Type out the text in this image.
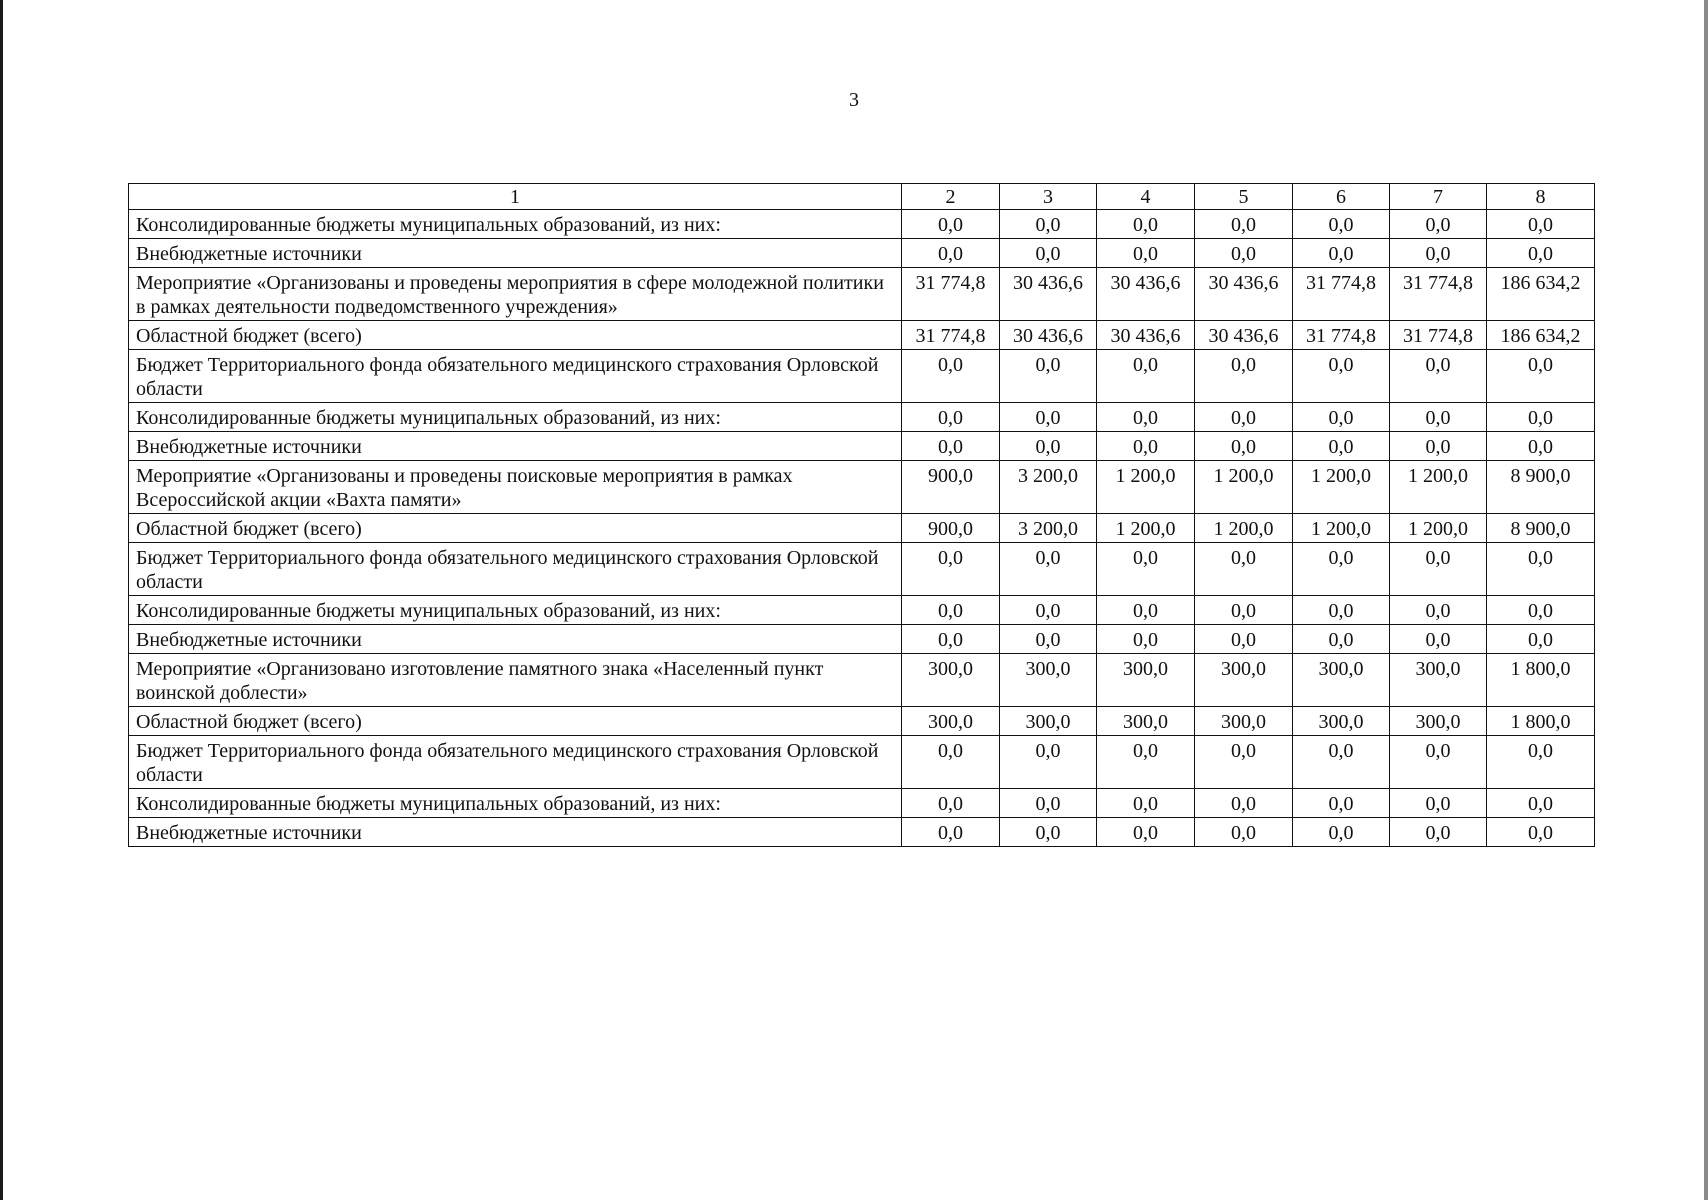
3
1	2	3	4	5	6	7	8
Консолидированные бюджеты муниципальных образований, из них:	0,0	0,0	0,0	0,0	0,0	0,0	0,0
Внебюджетные источники	0,0	0,0	0,0	0,0	0,0	0,0	0,0
Мероприятие «Организованы и проведены мероприятия в сфере молодежной политики в рамках деятельности подведомственного учреждения»	31 774,8	30 436,6	30 436,6	30 436,6	31 774,8	31 774,8	186 634,2
Областной бюджет (всего)	31 774,8	30 436,6	30 436,6	30 436,6	31 774,8	31 774,8	186 634,2
Бюджет Территориального фонда обязательного медицинского страхования Орловской области	0,0	0,0	0,0	0,0	0,0	0,0	0,0
Консолидированные бюджеты муниципальных образований, из них:	0,0	0,0	0,0	0,0	0,0	0,0	0,0
Внебюджетные источники	0,0	0,0	0,0	0,0	0,0	0,0	0,0
Мероприятие «Организованы и проведены поисковые мероприятия в рамках Всероссийской акции «Вахта памяти»	900,0	3 200,0	1 200,0	1 200,0	1 200,0	1 200,0	8 900,0
Областной бюджет (всего)	900,0	3 200,0	1 200,0	1 200,0	1 200,0	1 200,0	8 900,0
Бюджет Территориального фонда обязательного медицинского страхования Орловской области	0,0	0,0	0,0	0,0	0,0	0,0	0,0
Консолидированные бюджеты муниципальных образований, из них:	0,0	0,0	0,0	0,0	0,0	0,0	0,0
Внебюджетные источники	0,0	0,0	0,0	0,0	0,0	0,0	0,0
Мероприятие «Организовано изготовление памятного знака «Населенный пункт воинской доблести»	300,0	300,0	300,0	300,0	300,0	300,0	1 800,0
Областной бюджет (всего)	300,0	300,0	300,0	300,0	300,0	300,0	1 800,0
Бюджет Территориального фонда обязательного медицинского страхования Орловской области	0,0	0,0	0,0	0,0	0,0	0,0	0,0
Консолидированные бюджеты муниципальных образований, из них:	0,0	0,0	0,0	0,0	0,0	0,0	0,0
Внебюджетные источники	0,0	0,0	0,0	0,0	0,0	0,0	0,0
